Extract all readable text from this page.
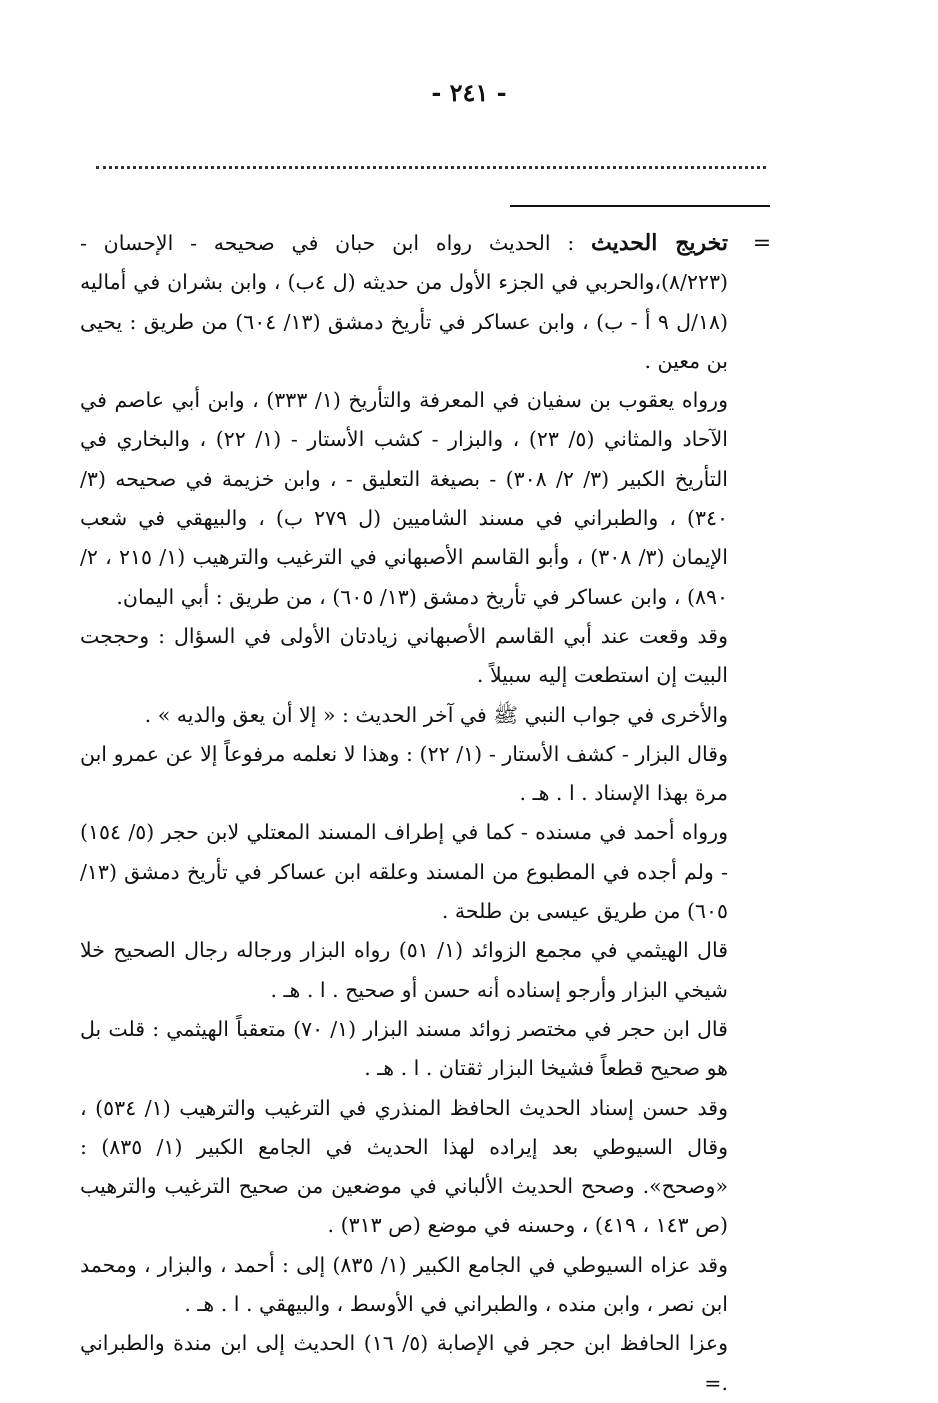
- ٢٤١ -
=

تخريج الحديث : الحديث رواه ابن حبان في صحيحه - الإحسان - (٨/٢٢٣)،والحربي في الجزء الأول من حديثه (ل ٤ب) ، وابن بشران في أماليه (١٨/ل ٩ أ - ب) ، وابن عساكر في تأريخ دمشق (١٣/ ٦٠٤) من طريق : يحيى بن معين .

ورواه يعقوب بن سفيان في المعرفة والتأريخ (١/ ٣٣٣) ، وابن أبي عاصم في الآحاد والمثاني (٥/ ٢٣) ، والبزار - كشب الأستار - (١/ ٢٢) ، والبخاري في التأريخ الكبير (٣/ ٢/ ٣٠٨) - بصيغة التعليق - ، وابن خزيمة في صحيحه (٣/ ٣٤٠) ، والطبراني في مسند الشاميين (ل ٢٧٩ ب) ، والبيهقي في شعب الإيمان (٣/ ٣٠٨) ، وأبو القاسم الأصبهاني في الترغيب والترهيب (١/ ٢١٥ ، ٢/ ٨٩٠) ، وابن عساكر في تأريخ دمشق (١٣/ ٦٠٥) ، من طريق : أبي اليمان.

وقد وقعت عند أبي القاسم الأصبهاني زيادتان الأولى في السؤال : وحججت البيت إن استطعت إليه سبيلاً .

والأخرى في جواب النبي ﷺ في آخر الحديث : « إلا أن يعق والديه » .

وقال البزار - كشف الأستار - (١/ ٢٢) : وهذا لا نعلمه مرفوعاً إلا عن عمرو ابن مرة بهذا الإسناد . ا . هـ .

ورواه أحمد في مسنده - كما في إطراف المسند المعتلي لابن حجر (٥/ ١٥٤) - ولم أجده في المطبوع من المسند وعلقه ابن عساكر في تأريخ دمشق (١٣/ ٦٠٥) من طريق عيسى بن طلحة .

قال الهيثمي في مجمع الزوائد (١/ ٥١) رواه البزار ورجاله رجال الصحيح خلا شيخي البزار وأرجو إسناده أنه حسن أو صحيح . ا . هـ .

قال ابن حجر في مختصر زوائد مسند البزار (١/ ٧٠) متعقباً الهيثمي : قلت بل هو صحيح قطعاً فشيخا البزار ثقتان . ا . هـ .

وقد حسن إسناد الحديث الحافظ المنذري في الترغيب والترهيب (١/ ٥٣٤) ، وقال السيوطي بعد إيراده لهذا الحديث في الجامع الكبير (١/ ٨٣٥) : «وصحح». وصحح الحديث الألباني في موضعين من صحيح الترغيب والترهيب (ص ١٤٣ ، ٤١٩) ، وحسنه في موضع (ص ٣١٣) .

وقد عزاه السيوطي في الجامع الكبير (١/ ٨٣٥) إلى : أحمد ، والبزار ، ومحمد ابن نصر ، وابن منده ، والطبراني في الأوسط ، والبيهقي . ا . هـ .

وعزا الحافظ ابن حجر في الإصابة (٥/ ١٦) الحديث إلى ابن مندة والطبراني .=
